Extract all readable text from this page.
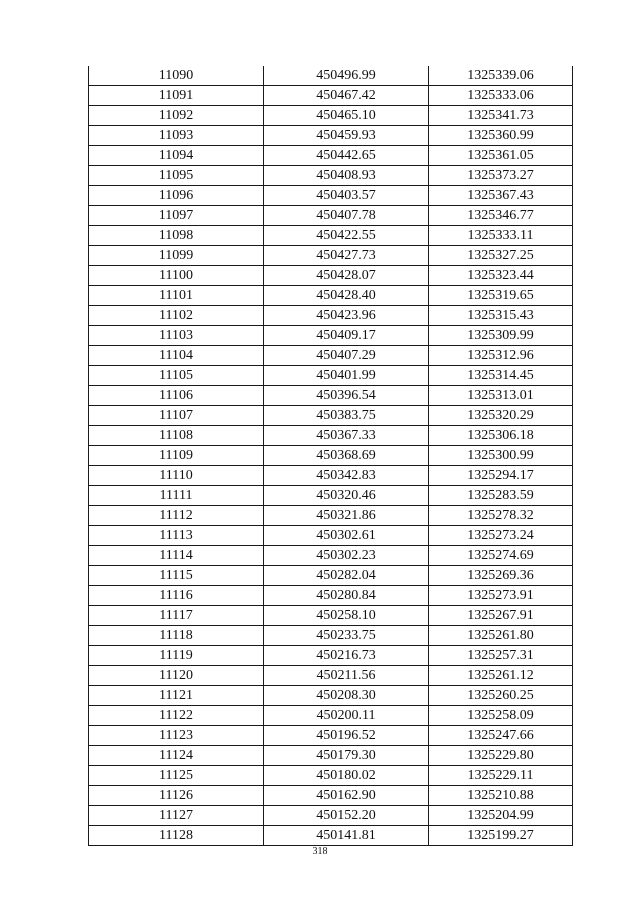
11090	450496.99	1325339.06
11091	450467.42	1325333.06
11092	450465.10	1325341.73
11093	450459.93	1325360.99
11094	450442.65	1325361.05
11095	450408.93	1325373.27
11096	450403.57	1325367.43
11097	450407.78	1325346.77
11098	450422.55	1325333.11
11099	450427.73	1325327.25
11100	450428.07	1325323.44
11101	450428.40	1325319.65
11102	450423.96	1325315.43
11103	450409.17	1325309.99
11104	450407.29	1325312.96
11105	450401.99	1325314.45
11106	450396.54	1325313.01
11107	450383.75	1325320.29
11108	450367.33	1325306.18
11109	450368.69	1325300.99
11110	450342.83	1325294.17
11111	450320.46	1325283.59
11112	450321.86	1325278.32
11113	450302.61	1325273.24
11114	450302.23	1325274.69
11115	450282.04	1325269.36
11116	450280.84	1325273.91
11117	450258.10	1325267.91
11118	450233.75	1325261.80
11119	450216.73	1325257.31
11120	450211.56	1325261.12
11121	450208.30	1325260.25
11122	450200.11	1325258.09
11123	450196.52	1325247.66
11124	450179.30	1325229.80
11125	450180.02	1325229.11
11126	450162.90	1325210.88
11127	450152.20	1325204.99
11128	450141.81	1325199.27
318
